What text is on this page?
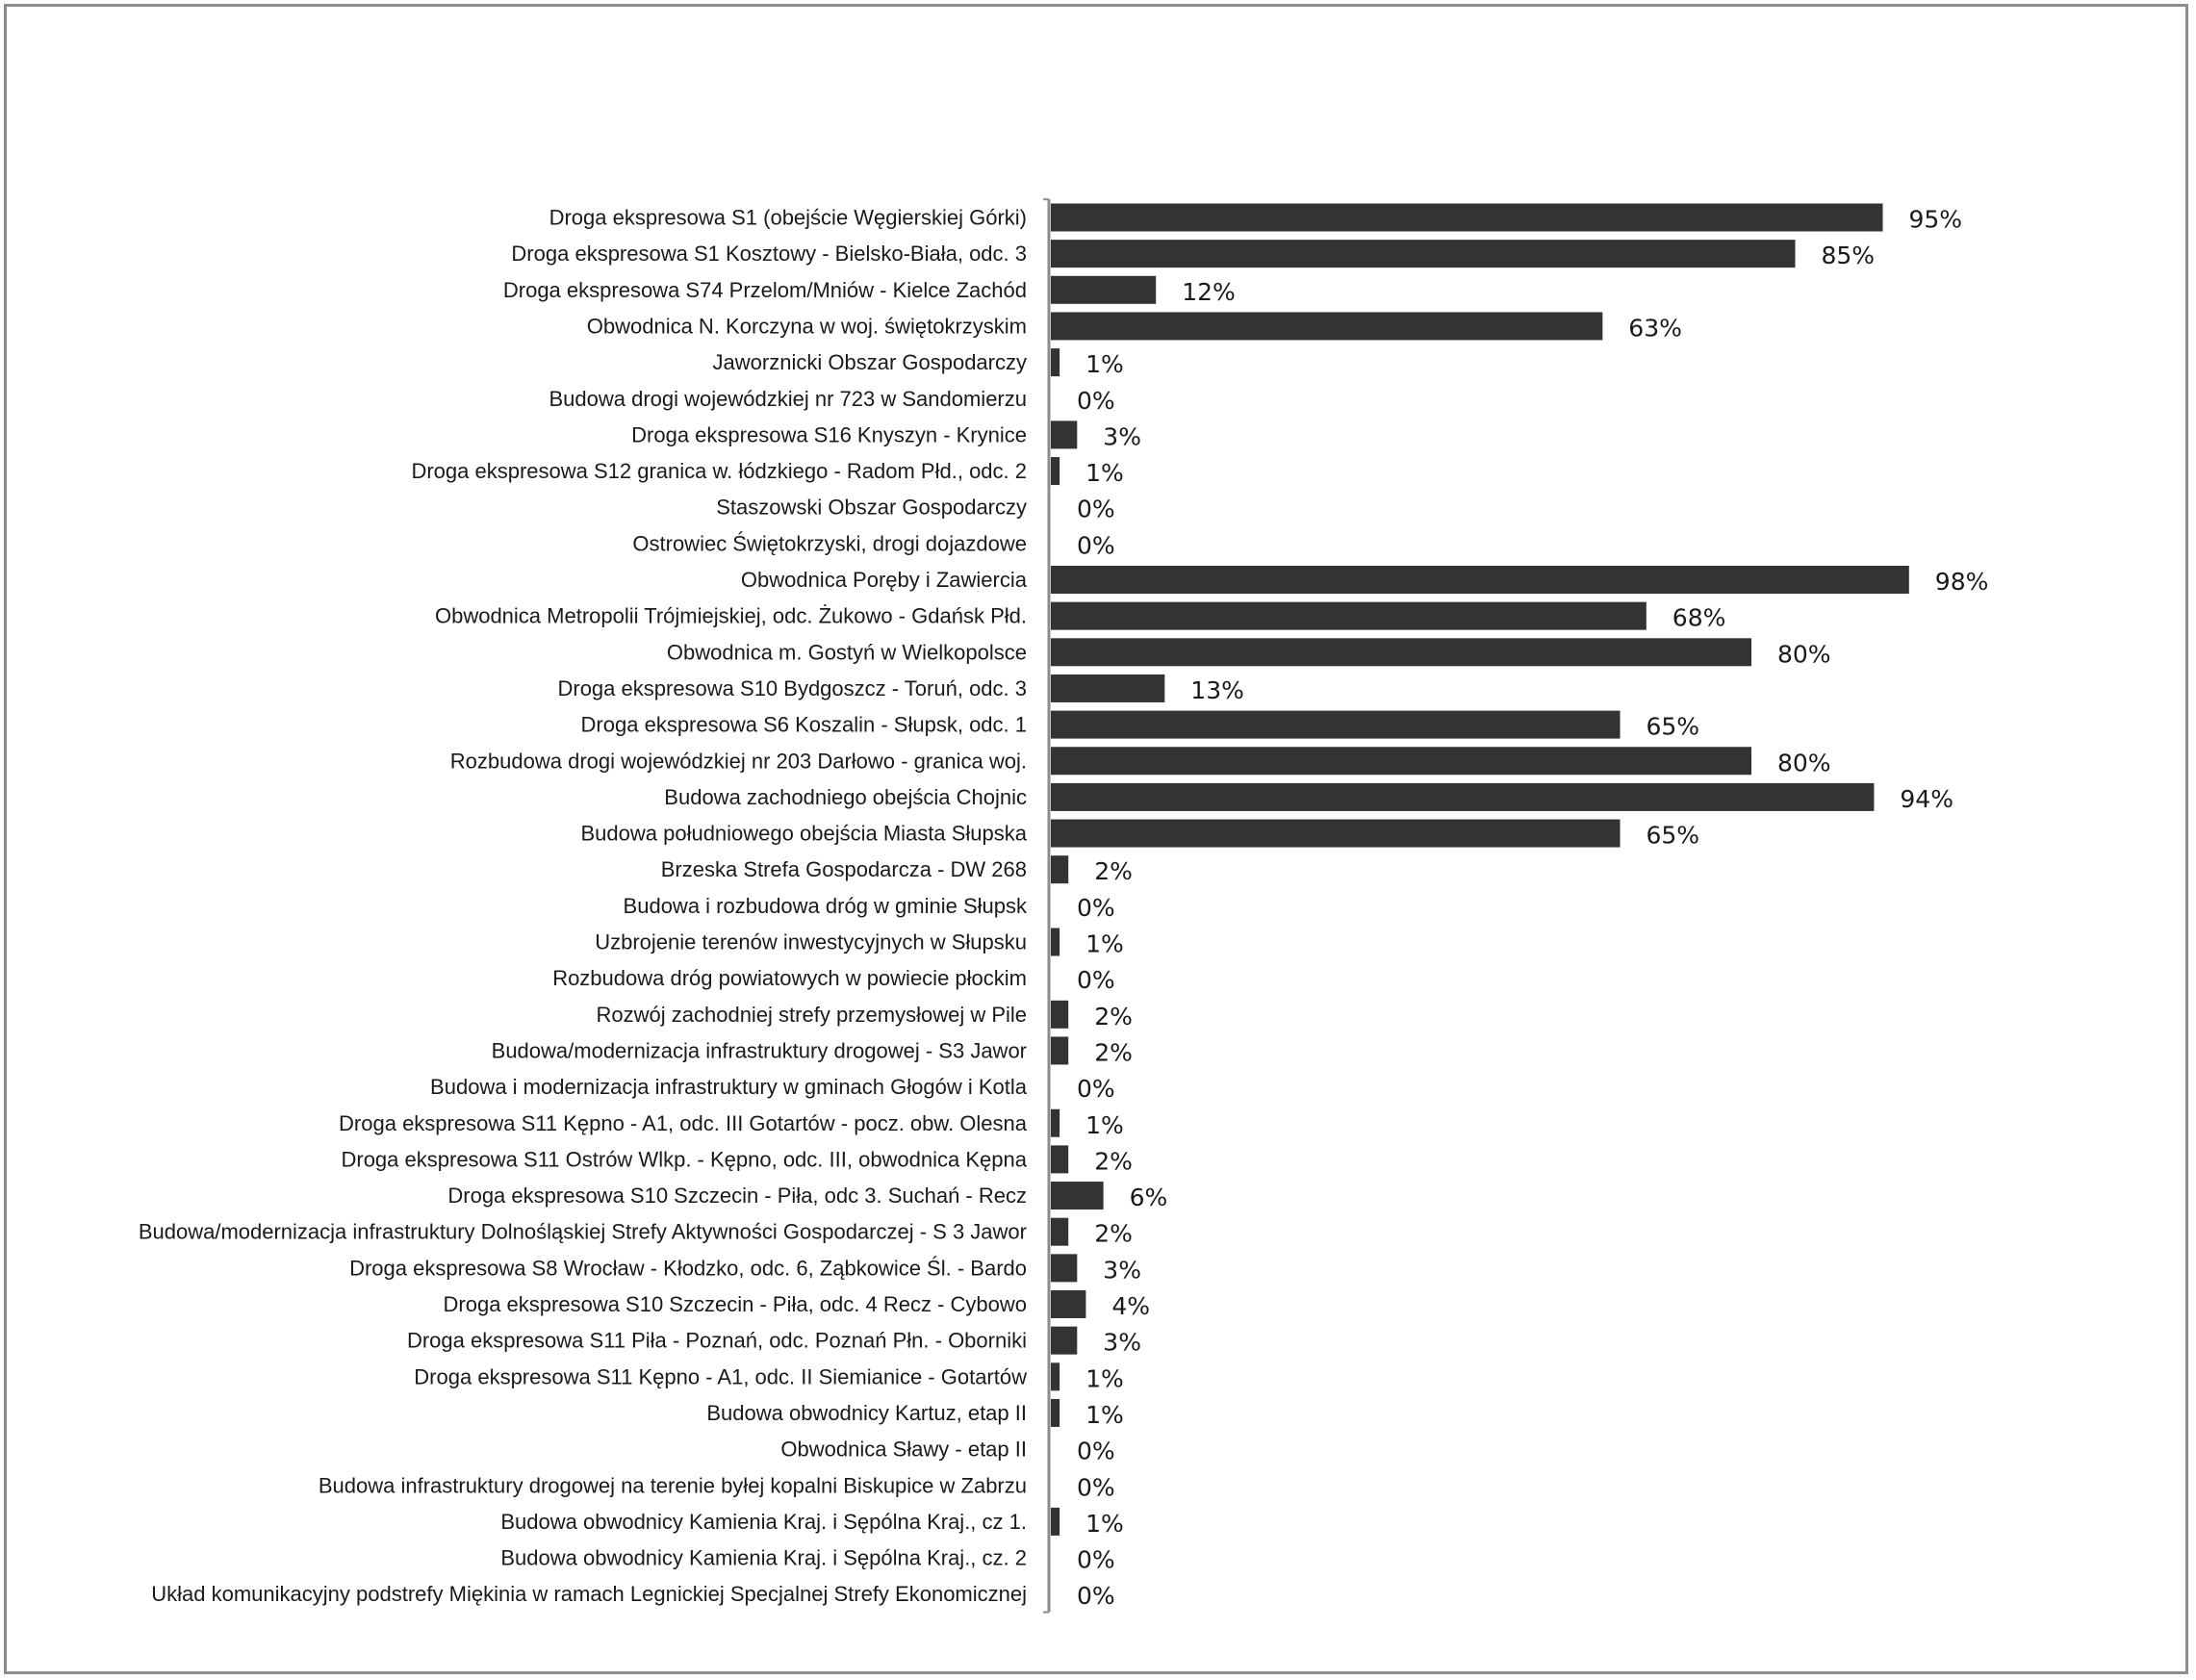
Droga ekspresowa S1 (obejście Węgierskiej Górki)
Droga ekspresowa S1 Kosztowy - Bielsko-Biała, odc. 3
Droga ekspresowa S74 Przelom/Mniów - Kielce Zachód
Obwodnica N. Korczyna w woj. świętokrzyskim
Jaworznicki Obszar Gospodarczy
Budowa drogi wojewódzkiej nr 723 w Sandomierzu
Droga ekspresowa S16 Knyszyn - Krynice
Droga ekspresowa S12 granica w. łódzkiego - Radom Płd., odc. 2
Staszowski Obszar Gospodarczy
Ostrowiec Świętokrzyski, drogi dojazdowe
Obwodnica Poręby i Zawiercia
Obwodnica Metropolii Trójmiejskiej, odc. Żukowo - Gdańsk Płd.
Obwodnica m. Gostyń w Wielkopolsce
Droga ekspresowa S10 Bydgoszcz - Toruń, odc. 3
Droga ekspresowa S6 Koszalin - Słupsk, odc. 1
Rozbudowa drogi wojewódzkiej nr 203 Darłowo - granica woj.
Budowa zachodniego obejścia Chojnic
Budowa południowego obejścia Miasta Słupska
Brzeska Strefa Gospodarcza - DW 268
Budowa i rozbudowa dróg w gminie Słupsk
Uzbrojenie terenów inwestycyjnych w Słupsku
Rozbudowa dróg powiatowych w powiecie płockim
Rozwój zachodniej strefy przemysłowej w Pile
Budowa/modernizacja infrastruktury drogowej - S3 Jawor
Budowa i modernizacja infrastruktury w gminach Głogów i Kotla
Droga ekspresowa S11 Kępno - A1, odc. III Gotartów - pocz. obw. Olesna
Droga ekspresowa S11 Ostrów Wlkp. - Kępno, odc. III, obwodnica Kępna
Droga ekspresowa S10 Szczecin - Piła, odc 3. Suchań - Recz
Budowa/modernizacja infrastruktury Dolnośląskiej Strefy Aktywności Gospodarczej - S 3 Jawor
Droga ekspresowa S8 Wrocław - Kłodzko, odc. 6, Ząbkowice Śl. - Bardo
Droga ekspresowa S10 Szczecin - Piła, odc. 4 Recz - Cybowo
Droga ekspresowa S11 Piła - Poznań, odc. Poznań Płn. - Oborniki
Droga ekspresowa S11 Kępno - A1, odc. II Siemianice - Gotartów
Budowa obwodnicy Kartuz, etap II
Obwodnica Sławy - etap II
Budowa infrastruktury drogowej na terenie byłej kopalni Biskupice w Zabrzu
Budowa obwodnicy Kamienia Kraj. i Sępólna Kraj., cz 1.
Budowa obwodnicy Kamienia Kraj. i Sępólna Kraj., cz. 2
Układ komunikacyjny podstrefy Miękinia w ramach Legnickiej Specjalnej Strefy Ekonomicznej
95%
85%
12%
63%
1%
0%
3%
1%
0%
0%
98%
68%
80%
13%
65%
80%
94%
65%
2%
0%
1%
0%
2%
2%
0%
1%
2%
6%
2%
3%
4%
3%
1%
1%
0%
0%
1%
0%
0%
